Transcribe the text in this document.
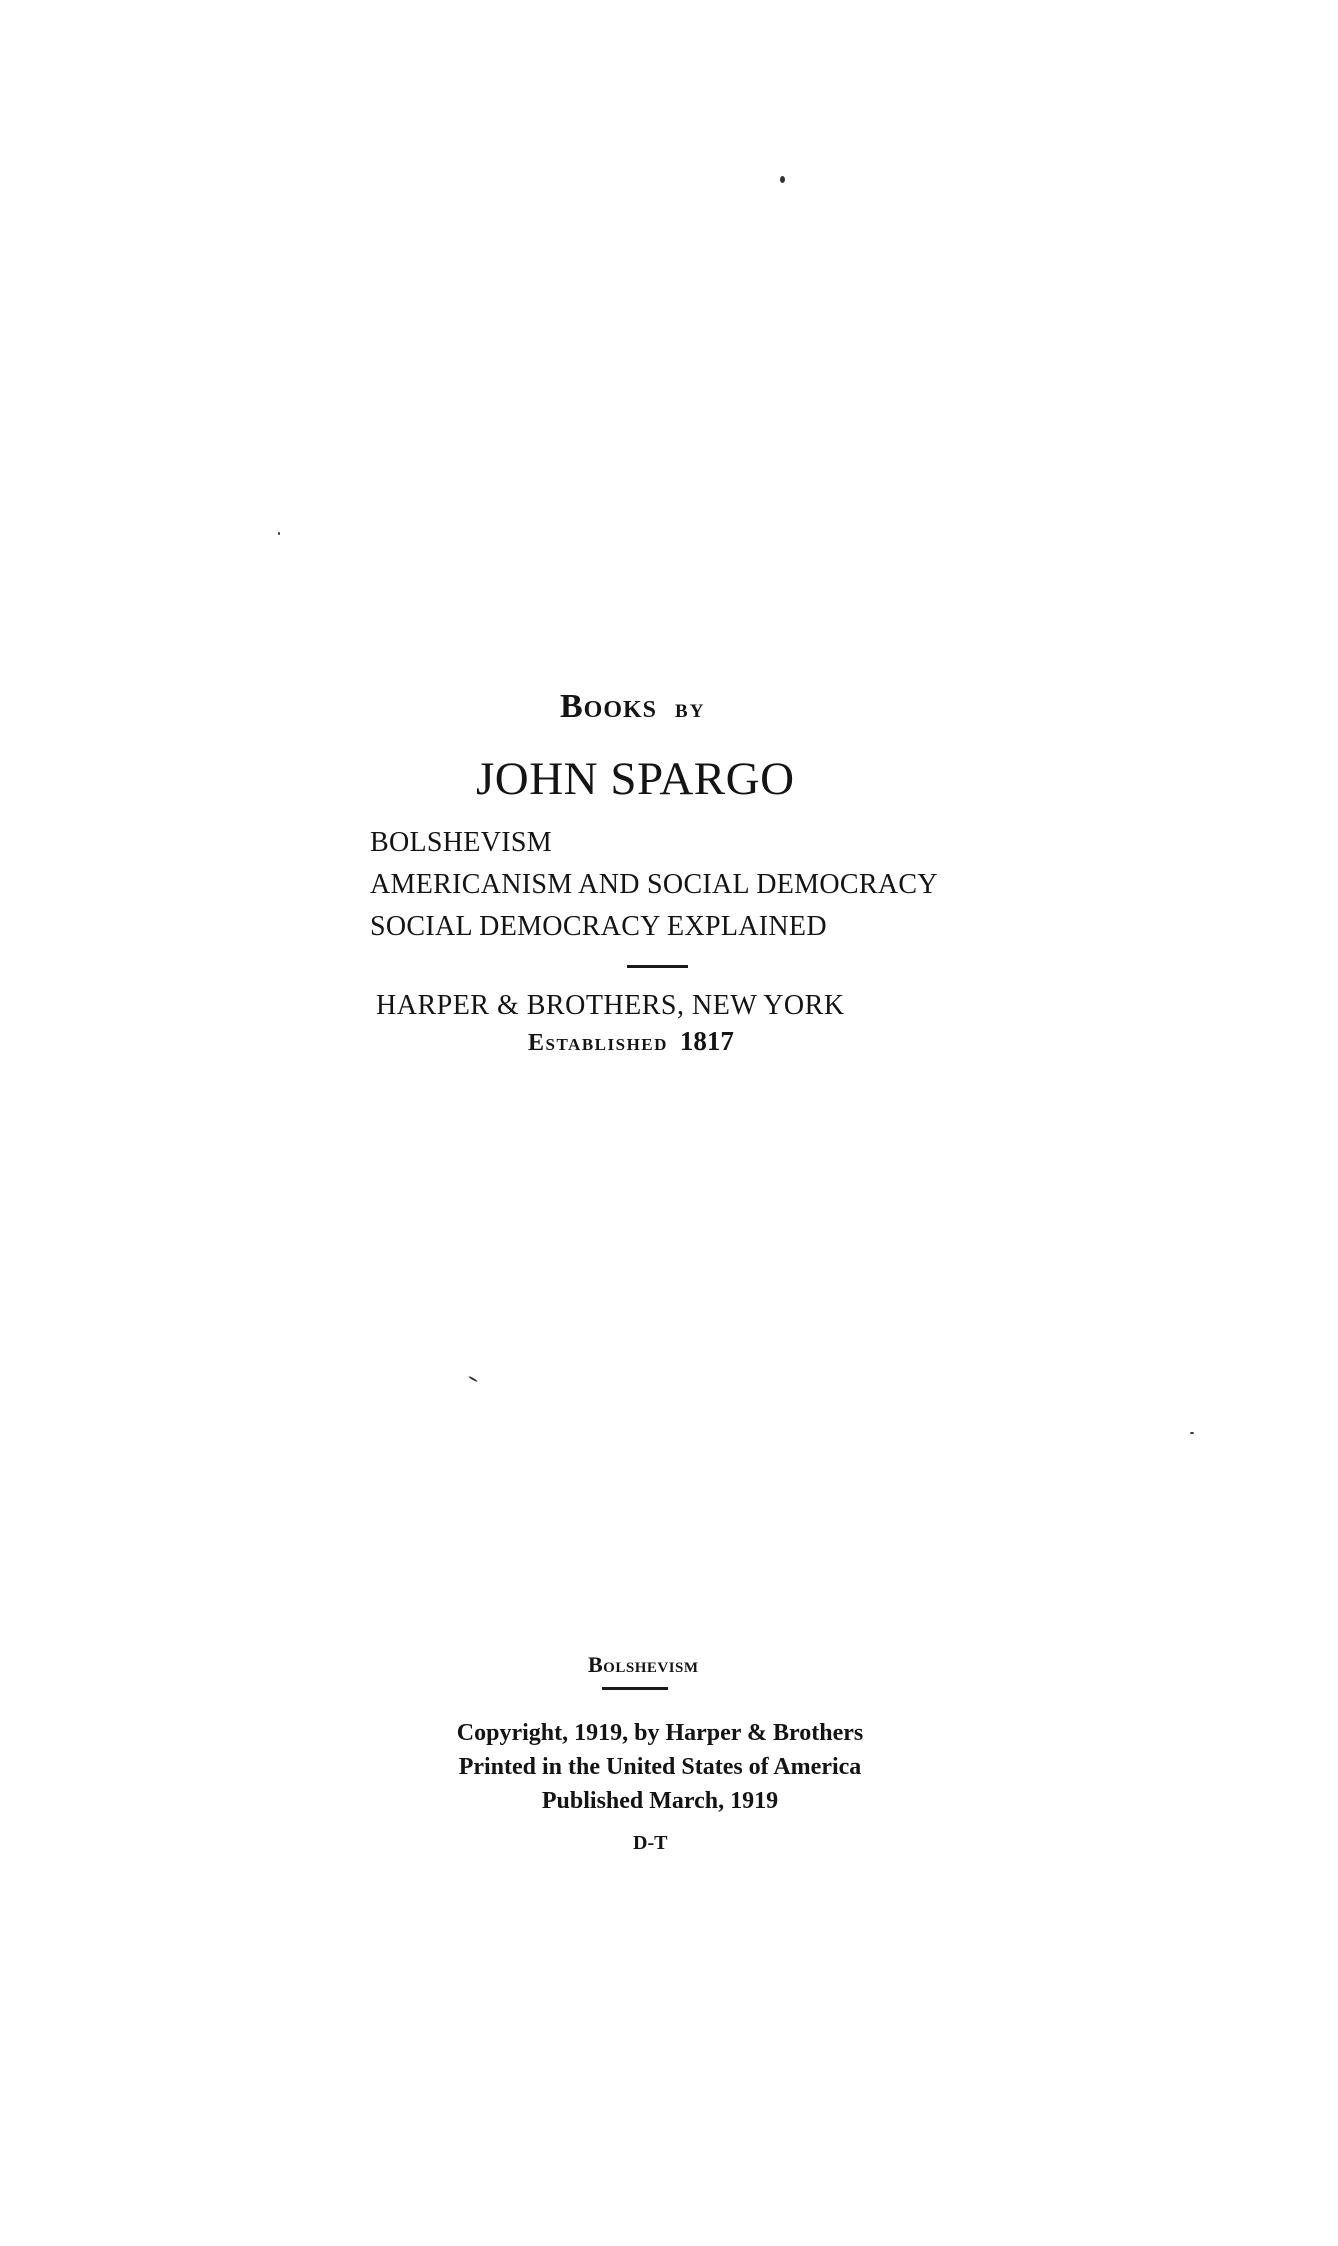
Books by
JOHN SPARGO
BOLSHEVISM
AMERICANISM AND SOCIAL DEMOCRACY
SOCIAL DEMOCRACY EXPLAINED
HARPER & BROTHERS, NEW YORK
Established 1817
Bolshevism
Copyright, 1919, by Harper & Brothers
Printed in the United States of America
Published March, 1919
D-T
